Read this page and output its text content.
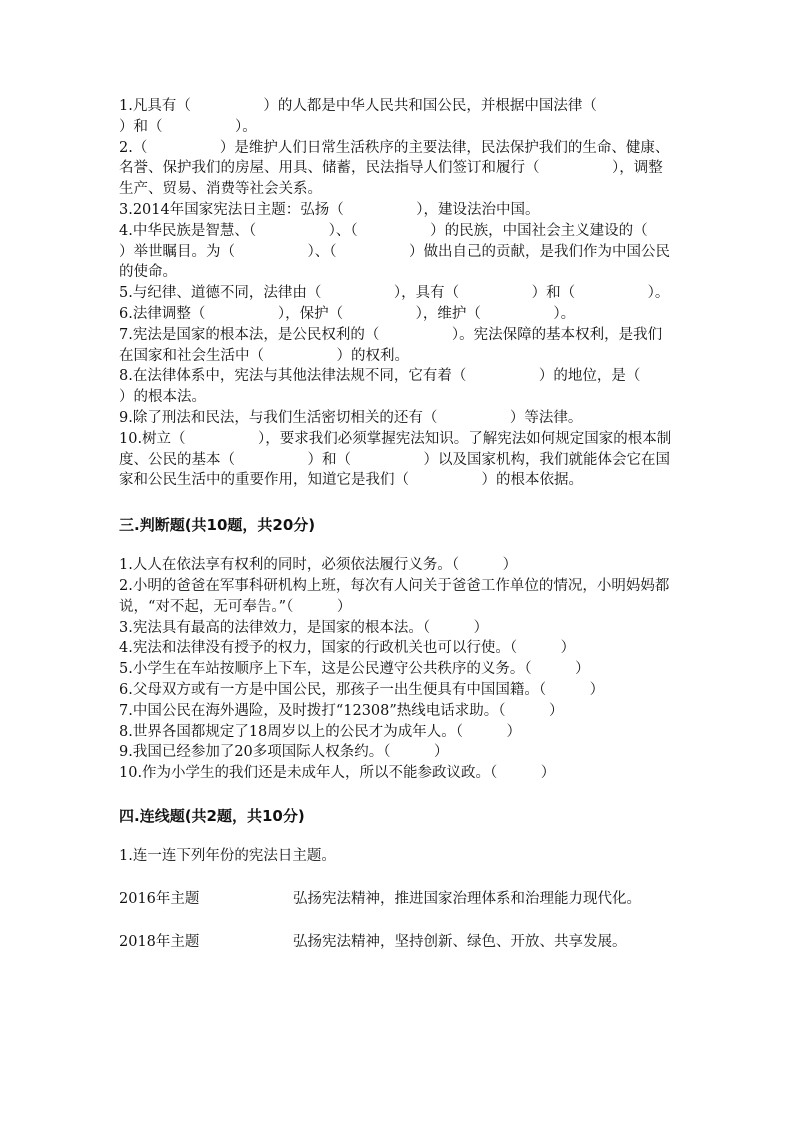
1.凡具有（　　　　　）的人都是中华人民共和国公民，并根据中国法律（　　　　　）和（　　　　　）。

2.（　　　　　）是维护人们日常生活秩序的主要法律，民法保护我们的生命、健康、名誉、保护我们的房屋、用具、储蓄，民法指导人们签订和履行（　　　　　），调整生产、贸易、消费等社会关系。

3.2014年国家宪法日主题：弘扬（　　　　　），建设法治中国。

4.中华民族是智慧、（　　　　　）、（　　　　　）的民族，中国社会主义建设的（　　　　　）举世瞩目。为（　　　　　）、（　　　　　）做出自己的贡献，是我们作为中国公民的使命。

5.与纪律、道德不同，法律由（　　　　　），具有（　　　　　）和（　　　　　）。

6.法律调整（　　　　　），保护（　　　　　），维护（　　　　　）。

7.宪法是国家的根本法，是公民权利的（　　　　　）。宪法保障的基本权利，是我们在国家和社会生活中（　　　　　）的权利。

8.在法律体系中，宪法与其他法律法规不同，它有着（　　　　　）的地位，是（　　　　　）的根本法。

9.除了刑法和民法，与我们生活密切相关的还有（　　　　　）等法律。

10.树立（　　　　　），要求我们必须掌握宪法知识。了解宪法如何规定国家的根本制度、公民的基本（　　　　　）和（　　　　　）以及国家机构，我们就能体会它在国家和公民生活中的重要作用，知道它是我们（　　　　　）的根本依据。

三.判断题(共10题，共20分)

1.人人在依法享有权利的同时，必须依法履行义务。（　　　）

2.小明的爸爸在军事科研机构上班，每次有人问关于爸爸工作单位的情况，小明妈妈都说，“对不起，无可奉告。”（　　　）

3.宪法具有最高的法律效力，是国家的根本法。（　　　）

4.宪法和法律没有授予的权力，国家的行政机关也可以行使。（　　　）

5.小学生在车站按顺序上下车，这是公民遵守公共秩序的义务。（　　　）

6.父母双方或有一方是中国公民，那孩子一出生便具有中国国籍。（　　　）

7.中国公民在海外遇险，及时拨打“12308”热线电话求助。（　　　）

8.世界各国都规定了18周岁以上的公民才为成年人。（　　　）

9.我国已经参加了20多项国际人权条约。（　　　）

10.作为小学生的我们还是未成年人，所以不能参政议政。（　　　）

四.连线题(共2题，共10分)

1.连一连下列年份的宪法日主题。

2016年主题	弘扬宪法精神，推进国家治理体系和治理能力现代化。
2018年主题	弘扬宪法精神，坚持创新、绿色、开放、共享发展。
